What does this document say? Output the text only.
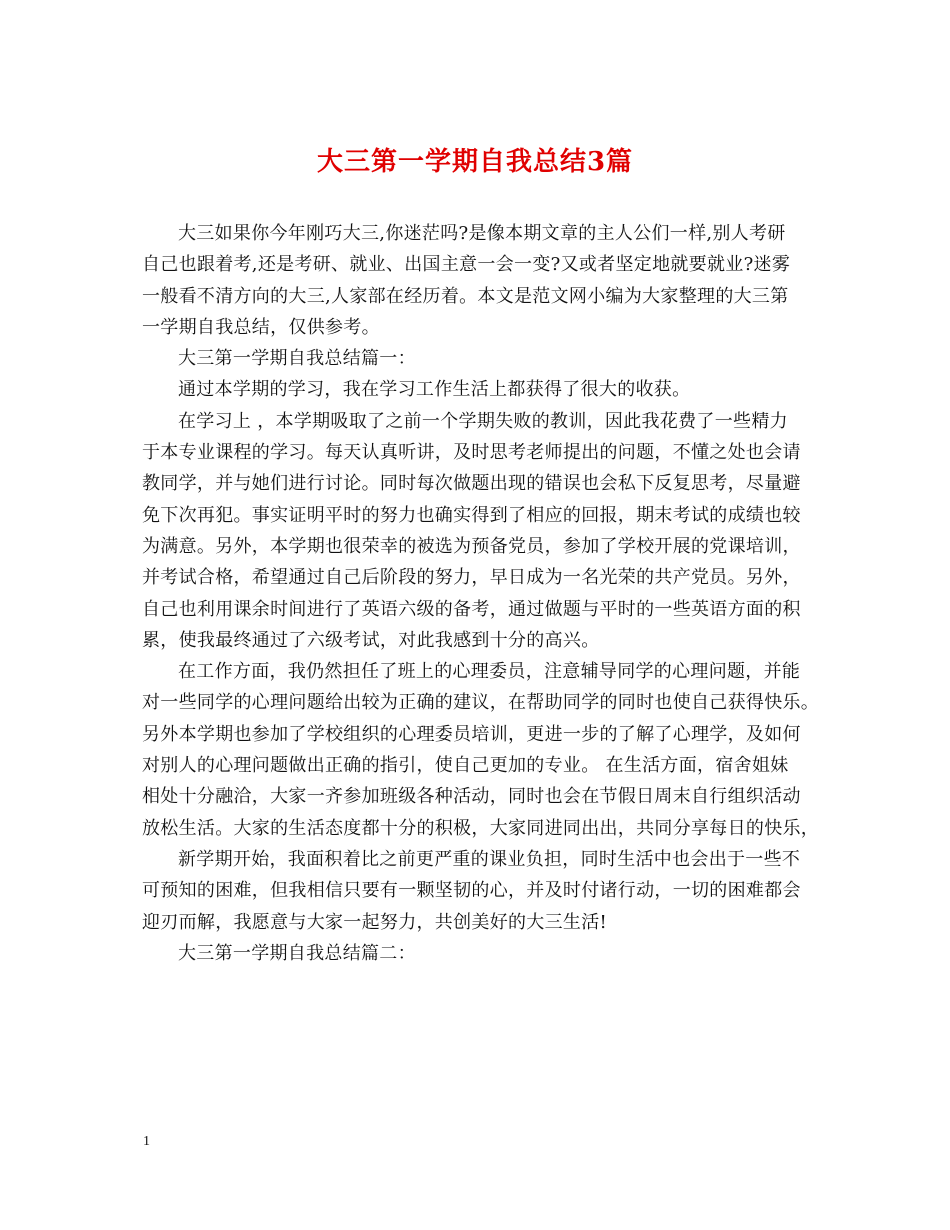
大三第一学期自我总结3篇
大三如果你今年刚巧大三,你迷茫吗?是像本期文章的主人公们一样,别人考研
自己也跟着考,还是考研、就业、出国主意一会一变?又或者坚定地就要就业?迷雾
一般看不清方向的大三,人家部在经历着。本文是范文网小编为大家整理的大三第
一学期自我总结，仅供参考。
大三第一学期自我总结篇一：
通过本学期的学习，我在学习工作生活上都获得了很大的收获。
在学习上 ，本学期吸取了之前一个学期失败的教训，因此我花费了一些精力
于本专业课程的学习。每天认真听讲，及时思考老师提出的问题，不懂之处也会请
教同学，并与她们进行讨论。同时每次做题出现的错误也会私下反复思考，尽量避
免下次再犯。事实证明平时的努力也确实得到了相应的回报，期末考试的成绩也较
为满意。另外，本学期也很荣幸的被选为预备党员，参加了学校开展的党课培训，
并考试合格，希望通过自己后阶段的努力，早日成为一名光荣的共产党员。另外，
自己也利用课余时间进行了英语六级的备考，通过做题与平时的一些英语方面的积
累，使我最终通过了六级考试，对此我感到十分的高兴。
在工作方面，我仍然担任了班上的心理委员，注意辅导同学的心理问题，并能
对一些同学的心理问题给出较为正确的建议，在帮助同学的同时也使自己获得快乐。
另外本学期也参加了学校组织的心理委员培训，更进一步的了解了心理学，及如何
对别人的心理问题做出正确的指引，使自己更加的专业。 在生活方面，宿舍姐妹
相处十分融洽，大家一齐参加班级各种活动，同时也会在节假日周末自行组织活动
放松生活。大家的生活态度都十分的积极，大家同进同出出，共同分享每日的快乐，
新学期开始，我面积着比之前更严重的课业负担，同时生活中也会出于一些不
可预知的困难，但我相信只要有一颗坚韧的心，并及时付诸行动，一切的困难都会
迎刃而解，我愿意与大家一起努力，共创美好的大三生活!
大三第一学期自我总结篇二：
1
